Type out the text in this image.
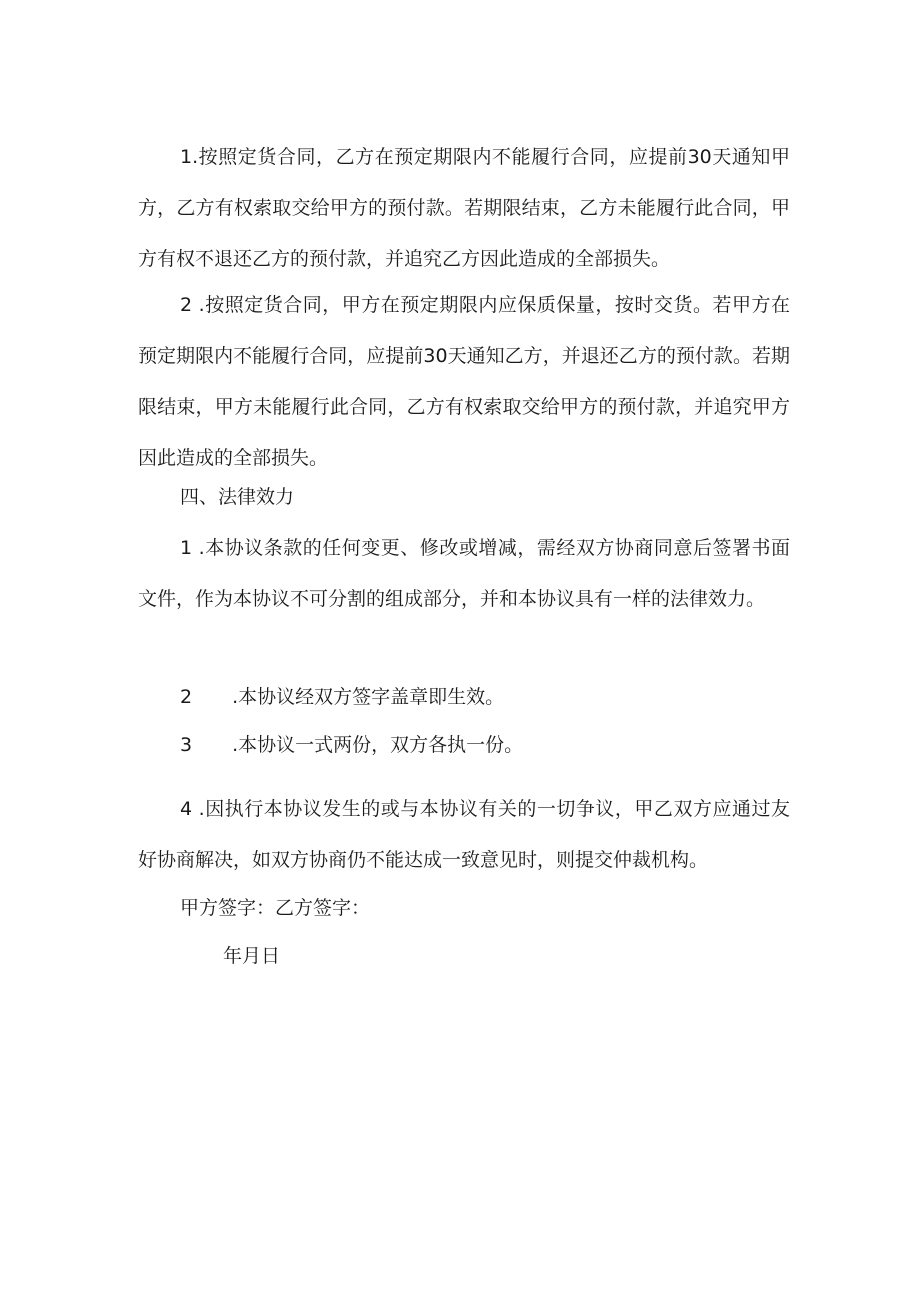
1.按照定货合同，乙方在预定期限内不能履行合同，应提前30天通知甲方，乙方有权索取交给甲方的预付款。若期限结束，乙方未能履行此合同，甲方有权不退还乙方的预付款，并追究乙方因此造成的全部损失。

2 .按照定货合同，甲方在预定期限内应保质保量，按时交货。若甲方在预定期限内不能履行合同，应提前30天通知乙方，并退还乙方的预付款。若期限结束，甲方未能履行此合同，乙方有权索取交给甲方的预付款，并追究甲方因此造成的全部损失。

四、法律效力

1 .本协议条款的任何变更、修改或增减，需经双方协商同意后签署书面文件，作为本协议不可分割的组成部分，并和本协议具有一样的法律效力。

2 .本协议经双方签字盖章即生效。

3 .本协议一式两份，双方各执一份。

4 .因执行本协议发生的或与本协议有关的一切争议，甲乙双方应通过友好协商解决，如双方协商仍不能达成一致意见时，则提交仲裁机构。

甲方签字：乙方签字：

年月日
